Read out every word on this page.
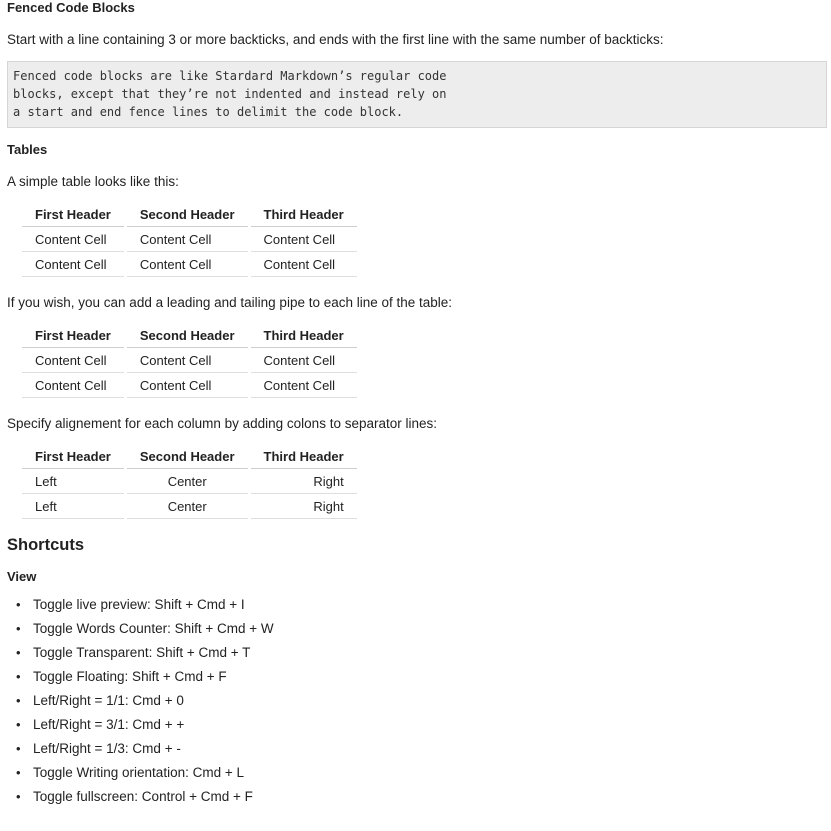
Fenced Code Blocks

Start with a line containing 3 or more backticks, and ends with the first line with the same number of backticks:

Fenced code blocks are like Stardard Markdown’s regular code
blocks, except that they’re not indented and instead rely on
a start and end fence lines to delimit the code block.
Tables

A simple table looks like this:

First Header	Second Header	Third Header
Content Cell	Content Cell	Content Cell
Content Cell	Content Cell	Content Cell

If you wish, you can add a leading and tailing pipe to each line of the table:

First Header	Second Header	Third Header
Content Cell	Content Cell	Content Cell
Content Cell	Content Cell	Content Cell

Specify alignement for each column by adding colons to separator lines:

First Header	Second Header	Third Header
Left	Center	Right
Left	Center	Right
Shortcuts
View
• Toggle live preview: Shift + Cmd + I
• Toggle Words Counter: Shift + Cmd + W
• Toggle Transparent: Shift + Cmd + T
• Toggle Floating: Shift + Cmd + F
• Left/Right = 1/1: Cmd + 0
• Left/Right = 3/1: Cmd + +
• Left/Right = 1/3: Cmd + -
• Toggle Writing orientation: Cmd + L
• Toggle fullscreen: Control + Cmd + F
